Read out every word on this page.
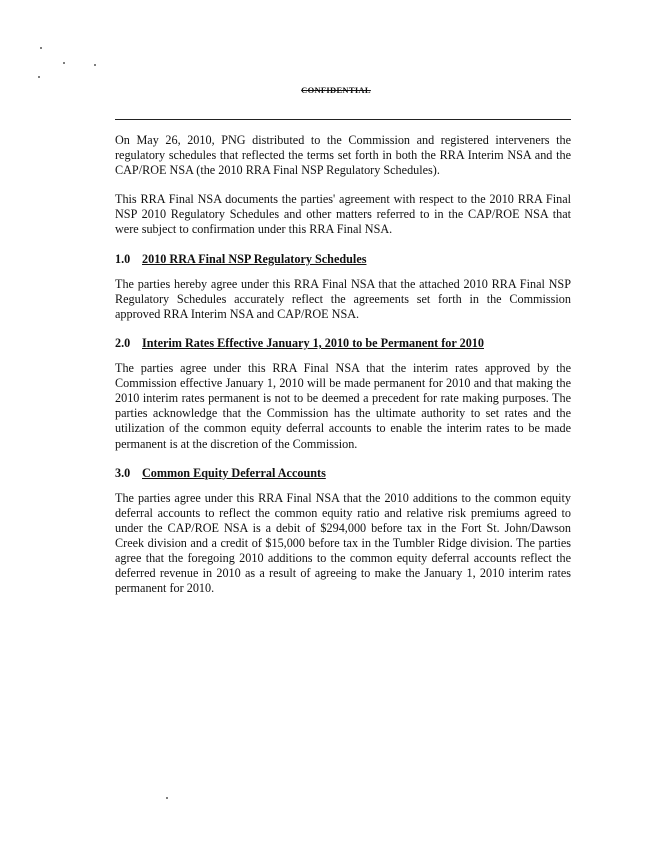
CONFIDENTIAL

On May 26, 2010, PNG distributed to the Commission and registered interveners the regulatory schedules that reflected the terms set forth in both the RRA Interim NSA and the CAP/ROE NSA (the 2010 RRA Final NSP Regulatory Schedules).

This RRA Final NSA documents the parties' agreement with respect to the 2010 RRA Final NSP 2010 Regulatory Schedules and other matters referred to in the CAP/ROE NSA that were subject to confirmation under this RRA Final NSA.

1.0 2010 RRA Final NSP Regulatory Schedules

The parties hereby agree under this RRA Final NSA that the attached 2010 RRA Final NSP Regulatory Schedules accurately reflect the agreements set forth in the Commission approved RRA Interim NSA and CAP/ROE NSA.

2.0 Interim Rates Effective January 1, 2010 to be Permanent for 2010

The parties agree under this RRA Final NSA that the interim rates approved by the Commission effective January 1, 2010 will be made permanent for 2010 and that making the 2010 interim rates permanent is not to be deemed a precedent for rate making purposes. The parties acknowledge that the Commission has the ultimate authority to set rates and the utilization of the common equity deferral accounts to enable the interim rates to be made permanent is at the discretion of the Commission.

3.0 Common Equity Deferral Accounts

The parties agree under this RRA Final NSA that the 2010 additions to the common equity deferral accounts to reflect the common equity ratio and relative risk premiums agreed to under the CAP/ROE NSA is a debit of $294,000 before tax in the Fort St. John/Dawson Creek division and a credit of $15,000 before tax in the Tumbler Ridge division. The parties agree that the foregoing 2010 additions to the common equity deferral accounts reflect the deferred revenue in 2010 as a result of agreeing to make the January 1, 2010 interim rates permanent for 2010.
